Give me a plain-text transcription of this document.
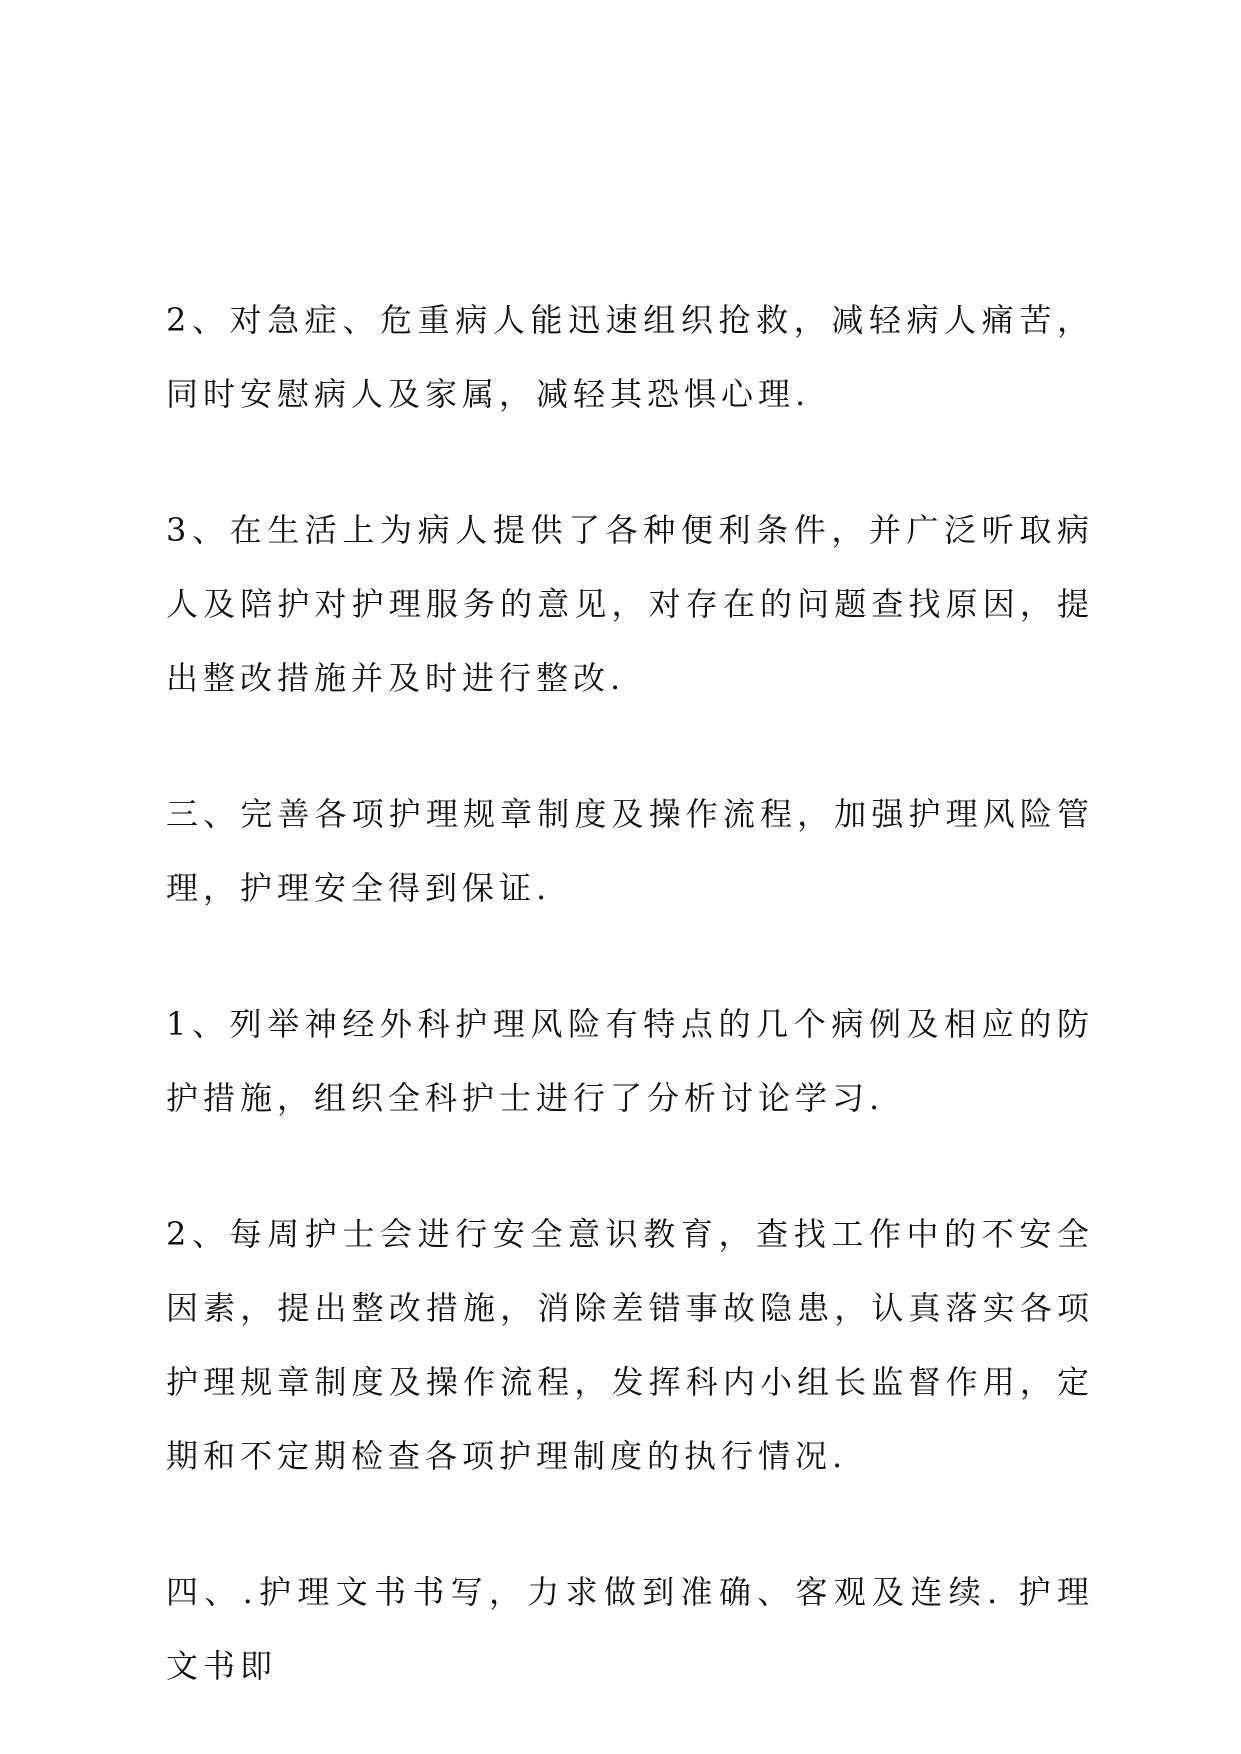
2、对急症、危重病人能迅速组织抢救，减轻病人痛苦，同时安慰病人及家属，减轻其恐惧心理.

3、在生活上为病人提供了各种便利条件，并广泛听取病人及陪护对护理服务的意见，对存在的问题查找原因，提出整改措施并及时进行整改.

三、完善各项护理规章制度及操作流程，加强护理风险管理，护理安全得到保证.

1、列举神经外科护理风险有特点的几个病例及相应的防护措施，组织全科护士进行了分析讨论学习.

2、每周护士会进行安全意识教育，查找工作中的不安全因素，提出整改措施，消除差错事故隐患，认真落实各项护理规章制度及操作流程，发挥科内小组长监督作用，定期和不定期检查各项护理制度的执行情况.

四、.护理文书书写，力求做到准确、客观及连续. 护理文书即
